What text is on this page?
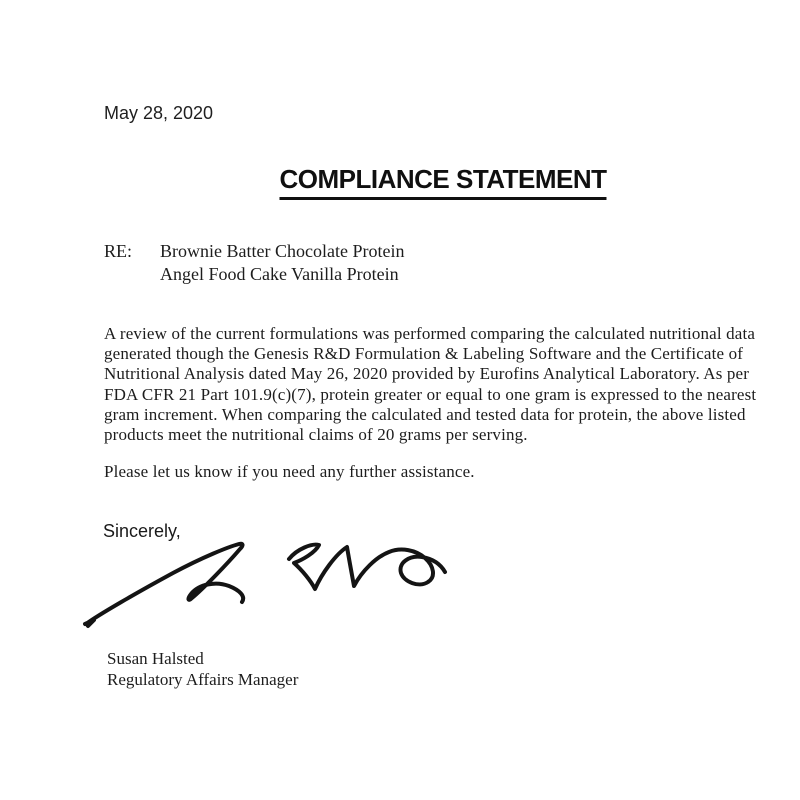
May 28, 2020
COMPLIANCE STATEMENT
RE:	Brownie Batter Chocolate Protein
Angel Food Cake Vanilla Protein
A review of the current formulations was performed comparing the calculated nutritional data
generated though the Genesis R&D Formulation & Labeling Software and the Certificate of
Nutritional Analysis dated May 26, 2020 provided by Eurofins Analytical Laboratory. As per
FDA CFR 21 Part 101.9(c)(7), protein greater or equal to one gram is expressed to the nearest
gram increment. When comparing the calculated and tested data for protein, the above listed
products meet the nutritional claims of 20 grams per serving.
Please let us know if you need any further assistance.
Sincerely,
Susan Halsted
Regulatory Affairs Manager
